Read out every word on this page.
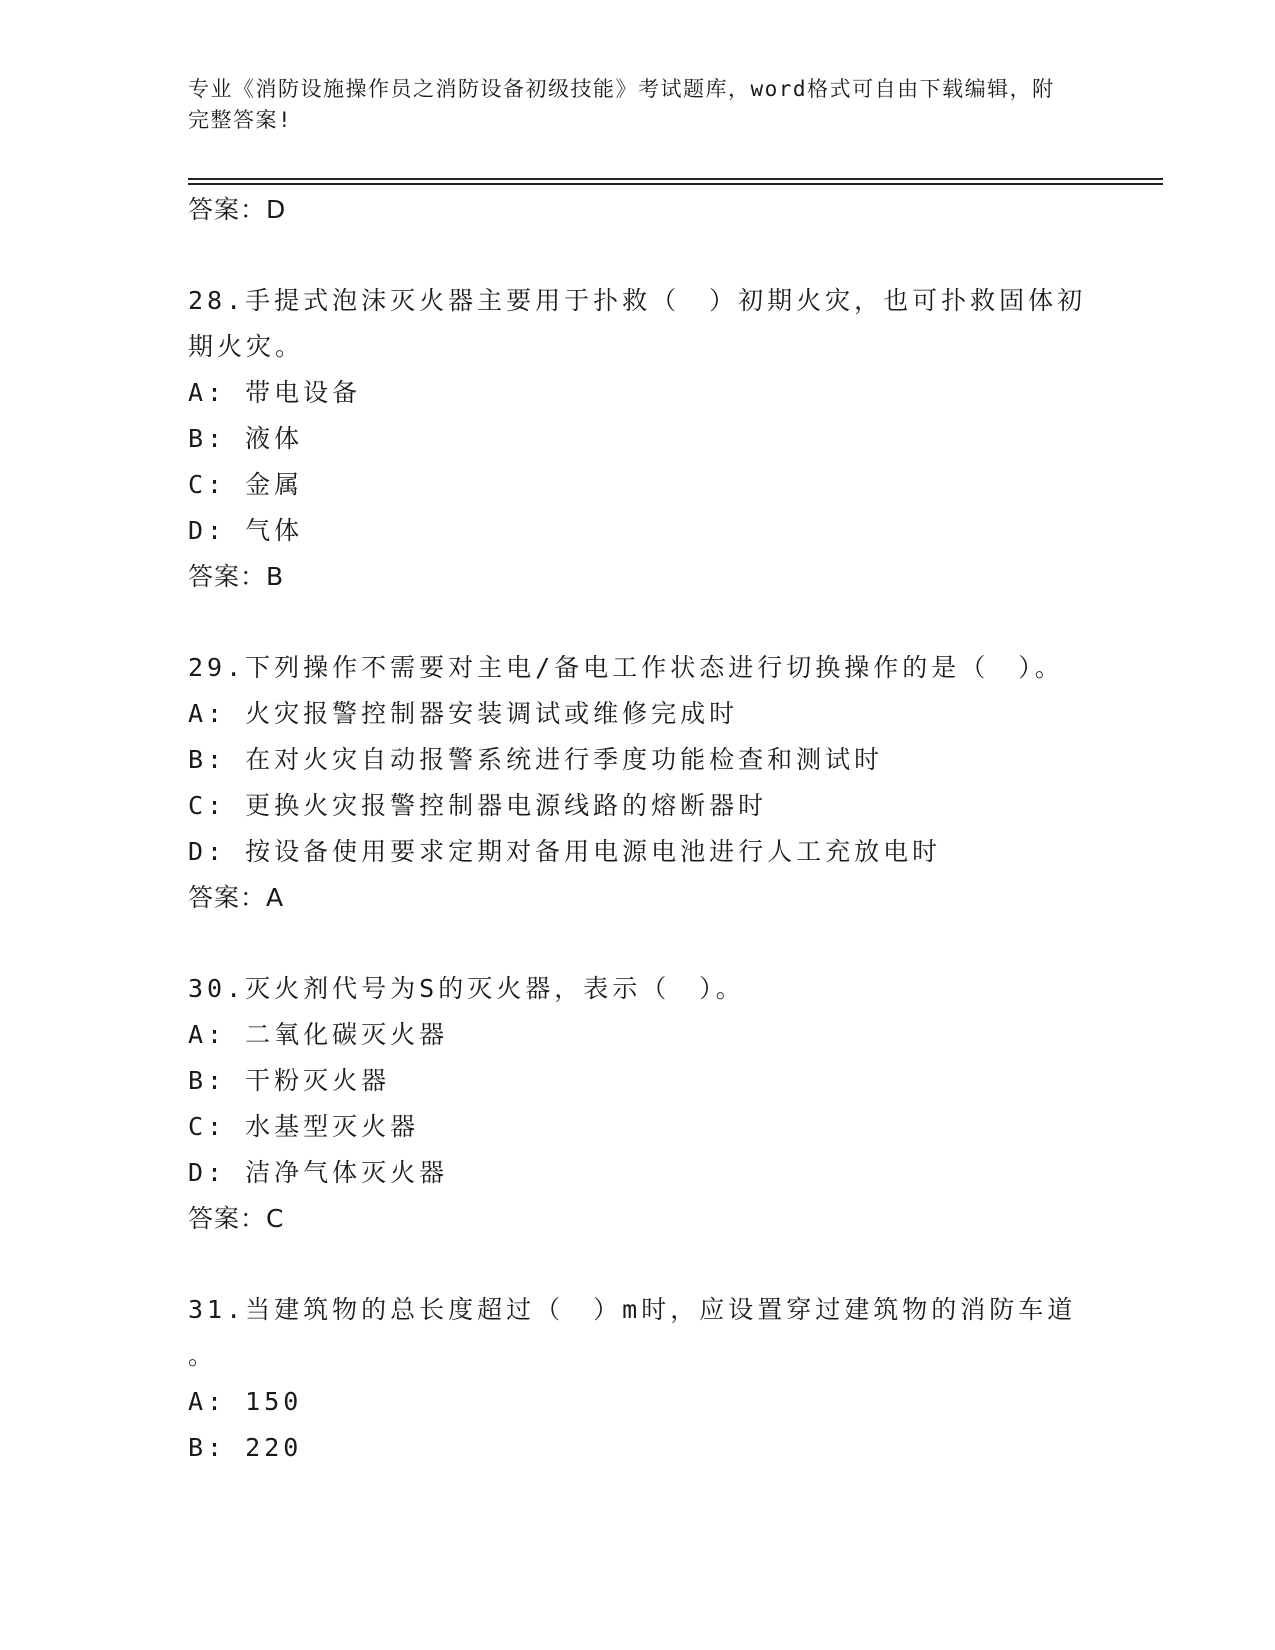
专业《消防设施操作员之消防设备初级技能》考试题库，word格式可自由下载编辑，附完整答案!
答案：D
28.手提式泡沫灭火器主要用于扑救（　）初期火灾，也可扑救固体初
期火灾。
A: 带电设备
B: 液体
C: 金属
D: 气体
答案：B
29.下列操作不需要对主电/备电工作状态进行切换操作的是（　）。
A: 火灾报警控制器安装调试或维修完成时
B: 在对火灾自动报警系统进行季度功能检查和测试时
C: 更换火灾报警控制器电源线路的熔断器时
D: 按设备使用要求定期对备用电源电池进行人工充放电时
答案：A
30.灭火剂代号为S的灭火器，表示（　）。
A: 二氧化碳灭火器
B: 干粉灭火器
C: 水基型灭火器
D: 洁净气体灭火器
答案：C
31.当建筑物的总长度超过（　）m时，应设置穿过建筑物的消防车道
。
A: 150
B: 220
